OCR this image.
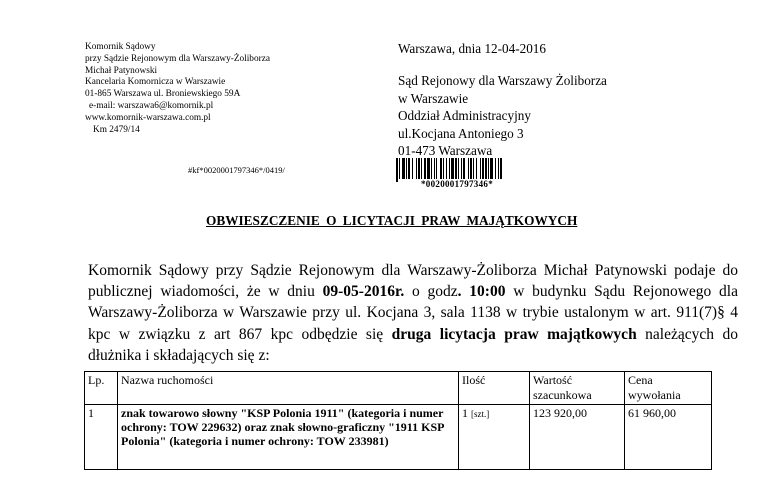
Komornik Sądowy
przy Sądzie Rejonowym dla Warszawy-Żoliborza
Michał Patynowski
Kancelaria Komornicza w Warszawie
01-865 Warszawa ul. Broniewskiego 59A
e-mail: warszawa6@komornik.pl
www.komornik-warszawa.com.pl
Km 2479/14
#kf*0020001797346*/0419/
Warszawa, dnia 12-04-2016
Sąd Rejonowy dla Warszawy Żoliborza
w Warszawie
Oddział Administracyjny
ul.Kocjana Antoniego 3
01-473 Warszawa
*0020001797346*
OBWIESZCZENIE O LICYTACJI PRAW MAJĄTKOWYCH
Komornik Sądowy przy Sądzie Rejonowym dla Warszawy-Żoliborza Michał Patynowski podaje do
publicznej wiadomości, że w dniu 09-05-2016r. o godz. 10:00 w budynku Sądu Rejonowego dla
Warszawy-Żoliborza w Warszawie przy ul. Kocjana 3, sala 1138 w trybie ustalonym w art. 911(7)§ 4
kpc w związku z art 867 kpc odbędzie się druga licytacja praw majątkowych należących do
dłużnika i składających się z:
Lp.	Nazwa ruchomości	Ilość	Wartość szacunkowa	Cena wywołania
1	znak towarowo słowny "KSP Polonia 1911" (kategoria i numer ochrony: TOW 229632) oraz znak słowno-graficzny "1911 KSP Polonia" (kategoria i numer ochrony: TOW 233981)	1 [szt.]	123 920,00	61 960,00
